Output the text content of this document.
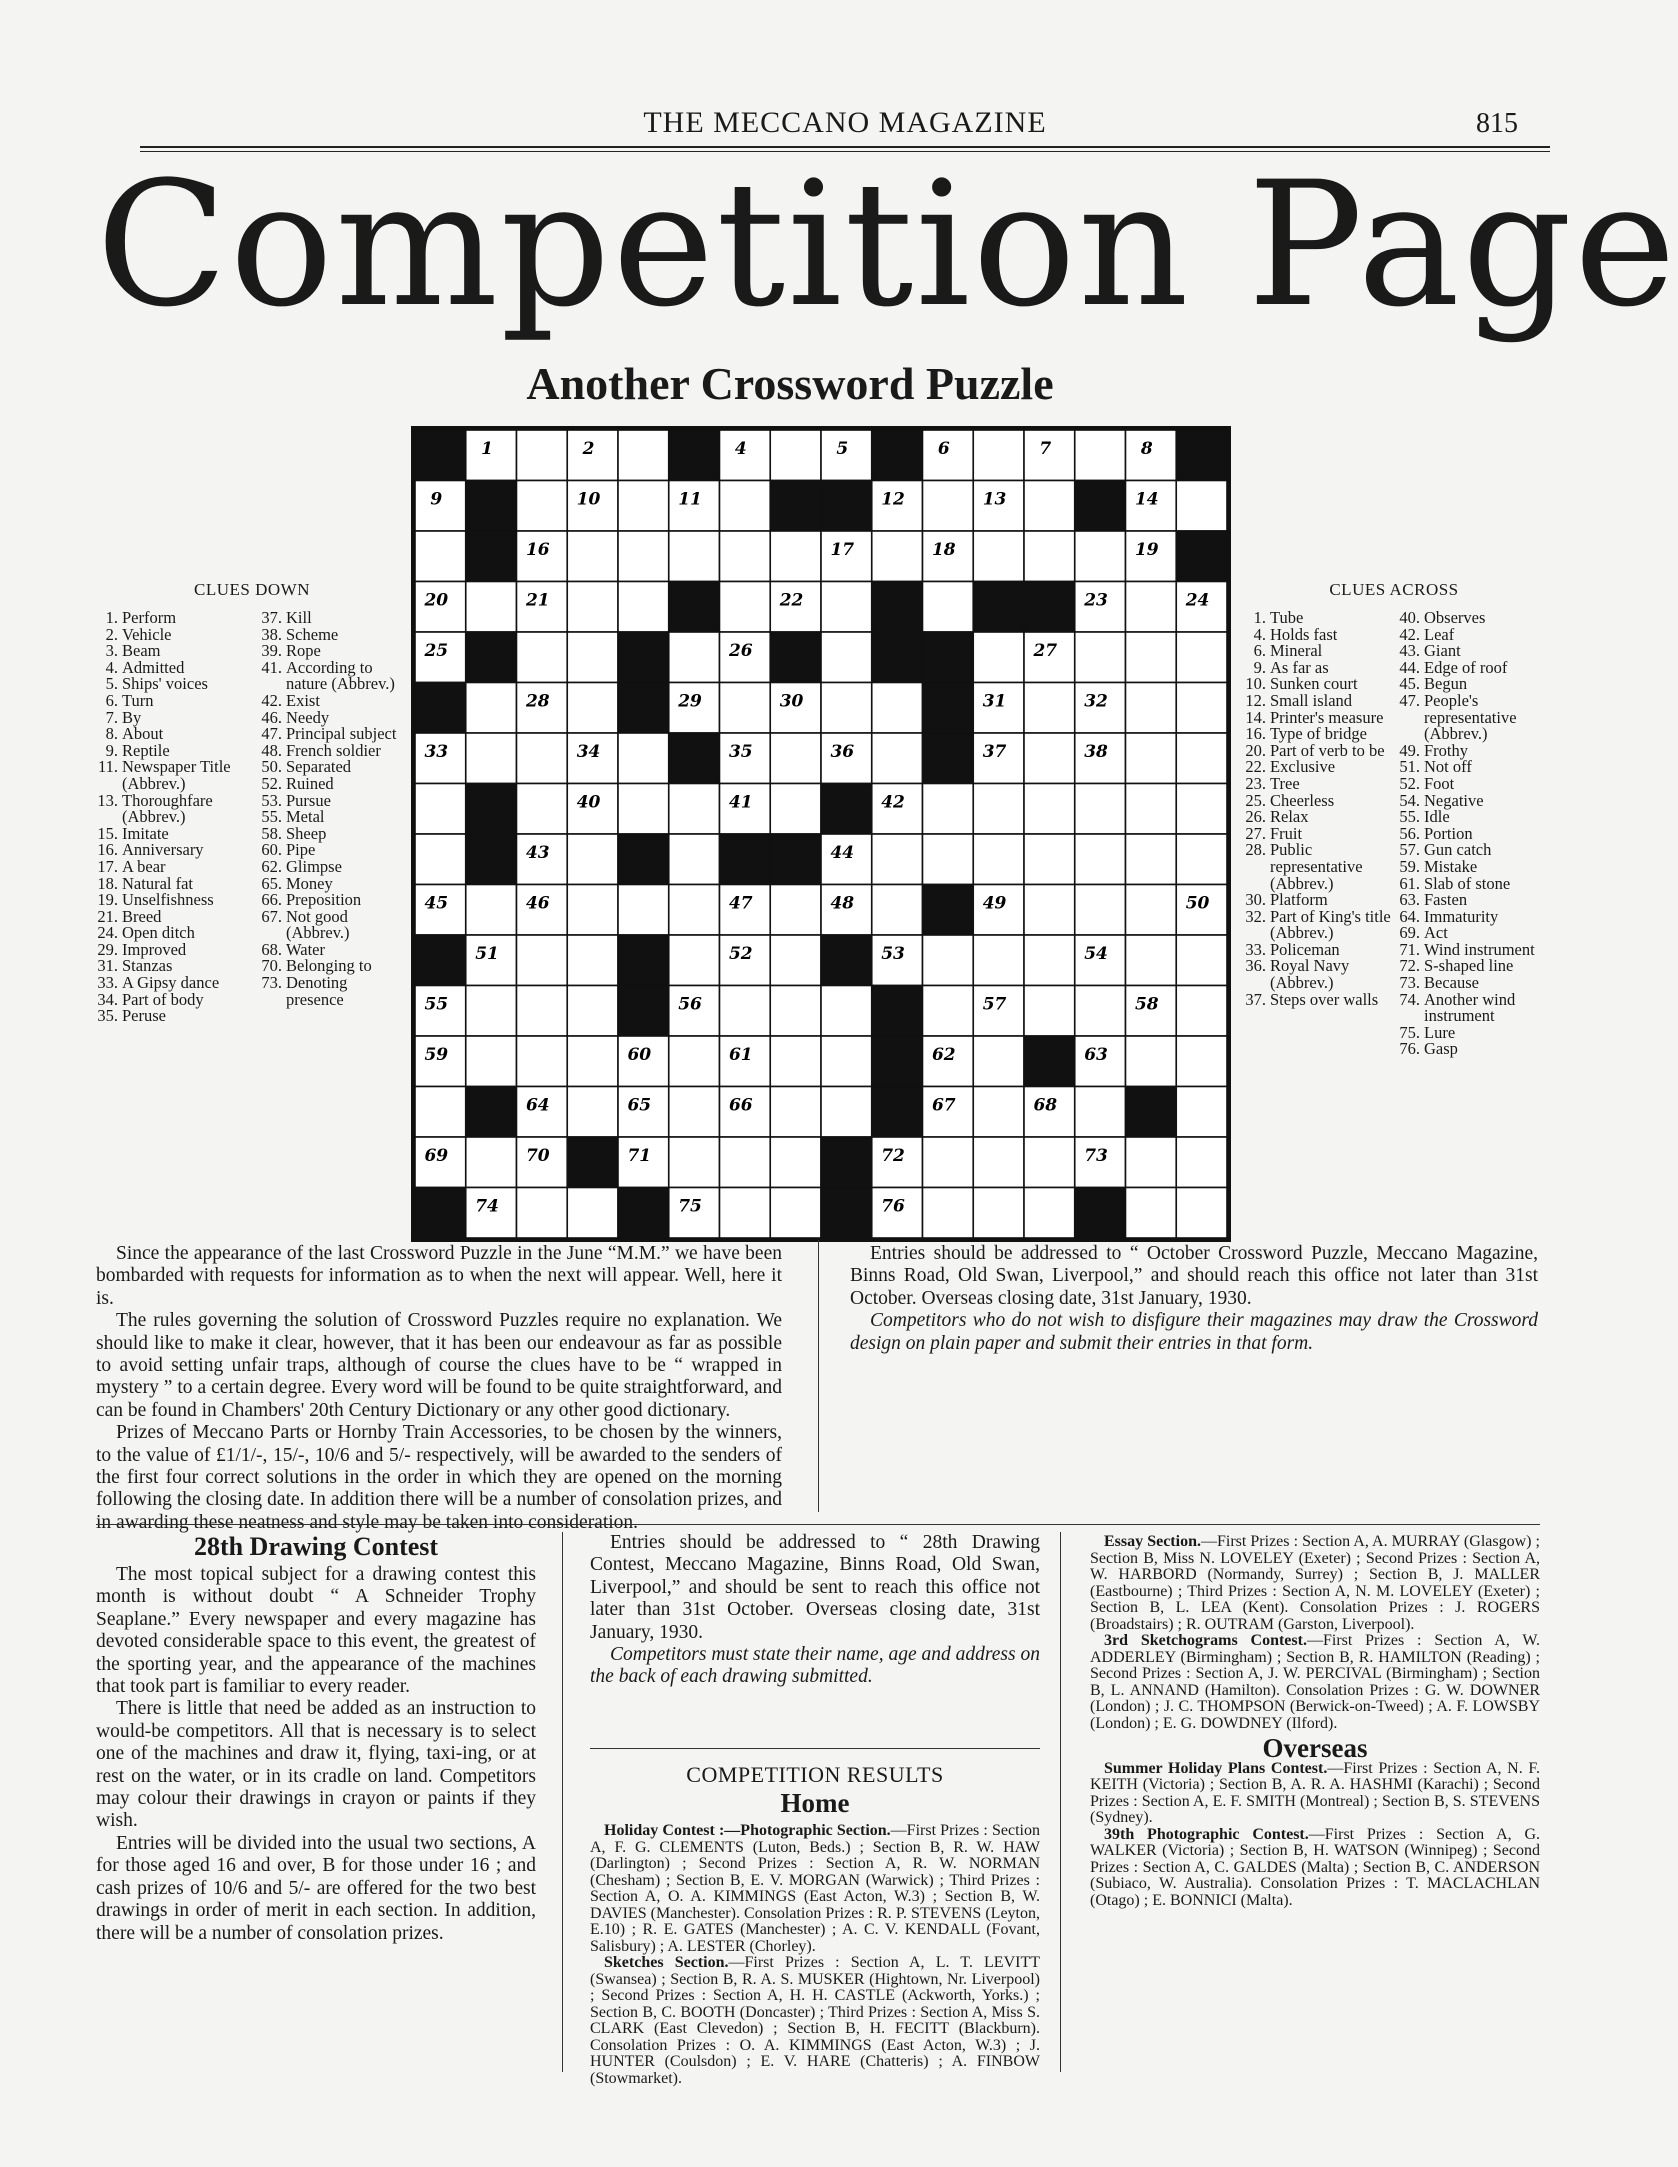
THE MECCANO MAGAZINE	815
Competition Page
Another Crossword Puzzle
CLUES DOWN
1. Perform
2. Vehicle
3. Beam
4. Admitted
5. Ships' voices
6. Turn
7. By
8. About
9. Reptile
11. Newspaper Title (Abbrev.)
13. Thoroughfare (Abbrev.)
15. Imitate
16. Anniversary
17. A bear
18. Natural fat
19. Unselfishness
21. Breed
24. Open ditch
29. Improved
31. Stanzas
33. A Gipsy dance
34. Part of body
35. Peruse
37. Kill
38. Scheme
39. Rope
41. According to nature (Abbrev.)
42. Exist
46. Needy
47. Principal subject
48. French soldier
50. Separated
52. Ruined
53. Pursue
55. Metal
58. Sheep
60. Pipe
62. Glimpse
65. Money
66. Preposition
67. Not good (Abbrev.)
68. Water
70. Belonging to
73. Denoting presence
1	2	4	5	6	7	8
9	10	11	12	13	14
16	17	18	19
20	21	22	23	24
25	26	27
28	29	30	31	32
33	34	35	36	37	38
40	41	42
43	44
45	46	47	48	49	50
51	52	53	54
55	56	57	58
59	60	61	62	63
64	65	66	67	68
69	70	71	72	73
74	75	76
CLUES ACROSS
1. Tube
4. Holds fast
6. Mineral
9. As far as
10. Sunken court
12. Small island
14. Printer's measure
16. Type of bridge
20. Part of verb to be
22. Exclusive
23. Tree
25. Cheerless
26. Relax
27. Fruit
28. Public representative (Abbrev.)
30. Platform
32. Part of King's title (Abbrev.)
33. Policeman
36. Royal Navy (Abbrev.)
37. Steps over walls
40. Observes
42. Leaf
43. Giant
44. Edge of roof
45. Begun
47. People's representative (Abbrev.)
49. Frothy
51. Not off
52. Foot
54. Negative
55. Idle
56. Portion
57. Gun catch
59. Mistake
61. Slab of stone
63. Fasten
64. Immaturity
69. Act
71. Wind instrument
72. S-shaped line
73. Because
74. Another wind instrument
75. Lure
76. Gasp

Since the appearance of the last Crossword Puzzle in the June “M.M.” we have been bombarded with requests for information as to when the next will appear. Well, here it is.

The rules governing the solution of Crossword Puzzles require no explanation. We should like to make it clear, however, that it has been our endeavour as far as possible to avoid setting unfair traps, although of course the clues have to be “ wrapped in mystery ” to a certain degree. Every word will be found to be quite straightforward, and can be found in Chambers' 20th Century Dictionary or any other good dictionary.

Prizes of Meccano Parts or Hornby Train Accessories, to be chosen by the winners, to the value of £1/1/-, 15/-, 10/6 and 5/- respectively, will be awarded to the senders of the first four correct solutions in the order in which they are opened on the morning following the closing date. In addition there will be a number of consolation prizes, and in awarding these neatness and style may be taken into consideration.

Entries should be addressed to “ October Crossword Puzzle, Meccano Magazine, Binns Road, Old Swan, Liverpool,” and should reach this office not later than 31st October. Overseas closing date, 31st January, 1930.

Competitors who do not wish to disfigure their magazines may draw the Crossword design on plain paper and submit their entries in that form.

28th Drawing Contest

The most topical subject for a drawing contest this month is without doubt “ A Schneider Trophy Seaplane.” Every newspaper and every magazine has devoted considerable space to this event, the greatest of the sporting year, and the appearance of the machines that took part is familiar to every reader.

There is little that need be added as an instruction to would-be competitors. All that is necessary is to select one of the machines and draw it, flying, taxi-ing, or at rest on the water, or in its cradle on land. Competitors may colour their drawings in crayon or paints if they wish.

Entries will be divided into the usual two sections, A for those aged 16 and over, B for those under 16 ; and cash prizes of 10/6 and 5/- are offered for the two best drawings in order of merit in each section. In addition, there will be a number of consolation prizes.

Entries should be addressed to “ 28th Drawing Contest, Meccano Magazine, Binns Road, Old Swan, Liverpool,” and should be sent to reach this office not later than 31st October. Overseas closing date, 31st January, 1930.

Competitors must state their name, age and address on the back of each drawing submitted.

COMPETITION RESULTS
Home

Holiday Contest :—Photographic Section.—First Prizes : Section A, F. G. CLEMENTS (Luton, Beds.) ; Section B, R. W. HAW (Darlington) ; Second Prizes : Section A, R. W. NORMAN (Chesham) ; Section B, E. V. MORGAN (Warwick) ; Third Prizes : Section A, O. A. KIMMINGS (East Acton, W.3) ; Section B, W. DAVIES (Manchester). Consolation Prizes : R. P. STEVENS (Leyton, E.10) ; R. E. GATES (Manchester) ; A. C. V. KENDALL (Fovant, Salisbury) ; A. LESTER (Chorley).

Sketches Section.—First Prizes : Section A, L. T. LEVITT (Swansea) ; Section B, R. A. S. MUSKER (Hightown, Nr. Liverpool) ; Second Prizes : Section A, H. H. CASTLE (Ackworth, Yorks.) ; Section B, C. BOOTH (Doncaster) ; Third Prizes : Section A, Miss S. CLARK (East Clevedon) ; Section B, H. FECITT (Blackburn). Consolation Prizes : O. A. KIMMINGS (East Acton, W.3) ; J. HUNTER (Coulsdon) ; E. V. HARE (Chatteris) ; A. FINBOW (Stowmarket).

Essay Section.—First Prizes : Section A, A. MURRAY (Glasgow) ; Section B, Miss N. LOVELEY (Exeter) ; Second Prizes : Section A, W. HARBORD (Normandy, Surrey) ; Section B, J. MALLER (Eastbourne) ; Third Prizes : Section A, N. M. LOVELEY (Exeter) ; Section B, L. LEA (Kent). Consolation Prizes : J. ROGERS (Broadstairs) ; R. OUTRAM (Garston, Liverpool).

3rd Sketchograms Contest.—First Prizes : Section A, W. ADDERLEY (Birmingham) ; Section B, R. HAMILTON (Reading) ; Second Prizes : Section A, J. W. PERCIVAL (Birmingham) ; Section B, L. ANNAND (Hamilton). Consolation Prizes : G. W. DOWNER (London) ; J. C. THOMPSON (Berwick-on-Tweed) ; A. F. LOWSBY (London) ; E. G. DOWDNEY (Ilford).

Overseas

Summer Holiday Plans Contest.—First Prizes : Section A, N. F. KEITH (Victoria) ; Section B, A. R. A. HASHMI (Karachi) ; Second Prizes : Section A, E. F. SMITH (Montreal) ; Section B, S. STEVENS (Sydney).

39th Photographic Contest.—First Prizes : Section A, G. WALKER (Victoria) ; Section B, H. WATSON (Winnipeg) ; Second Prizes : Section A, C. GALDES (Malta) ; Section B, C. ANDERSON (Subiaco, W. Australia). Consolation Prizes : T. MACLACHLAN (Otago) ; E. BONNICI (Malta).
